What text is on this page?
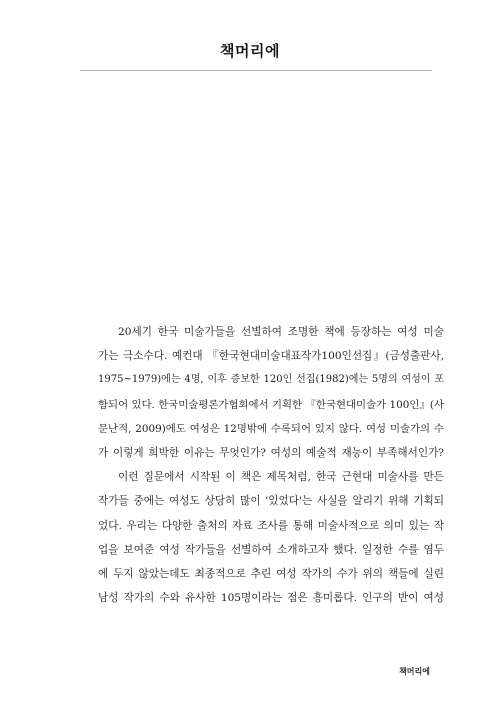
책머리에

20세기 한국 미술가들을 선별하여 조명한 책에 등장하는 여성 미술
가는 극소수다. 예컨대 『한국현대미술대표작가100인선집』(금성출판사,
1975~1979)에는 4명, 이후 증보한 120인 선집(1982)에는 5명의 여성이 포
함되어 있다. 한국미술평론가협회에서 기획한 『한국현대미술가 100인』(사
문난적, 2009)에도 여성은 12명밖에 수록되어 있지 않다. 여성 미술가의 수
가 이렇게 희박한 이유는 무엇인가? 여성의 예술적 재능이 부족해서인가?

이런 질문에서 시작된 이 책은 제목처럼, 한국 근현대 미술사를 만든
작가들 중에는 여성도 상당히 많이 '있었다'는 사실을 알리기 위해 기획되
었다. 우리는 다양한 출처의 자료 조사를 통해 미술사적으로 의미 있는 작
업을 보여준 여성 작가들을 선별하여 소개하고자 했다. 일정한 수를 염두
에 두지 않았는데도 최종적으로 추린 여성 작가의 수가 위의 책들에 실린
남성 작가의 수와 유사한 105명이라는 점은 흥미롭다. 인구의 반이 여성

책머리에
